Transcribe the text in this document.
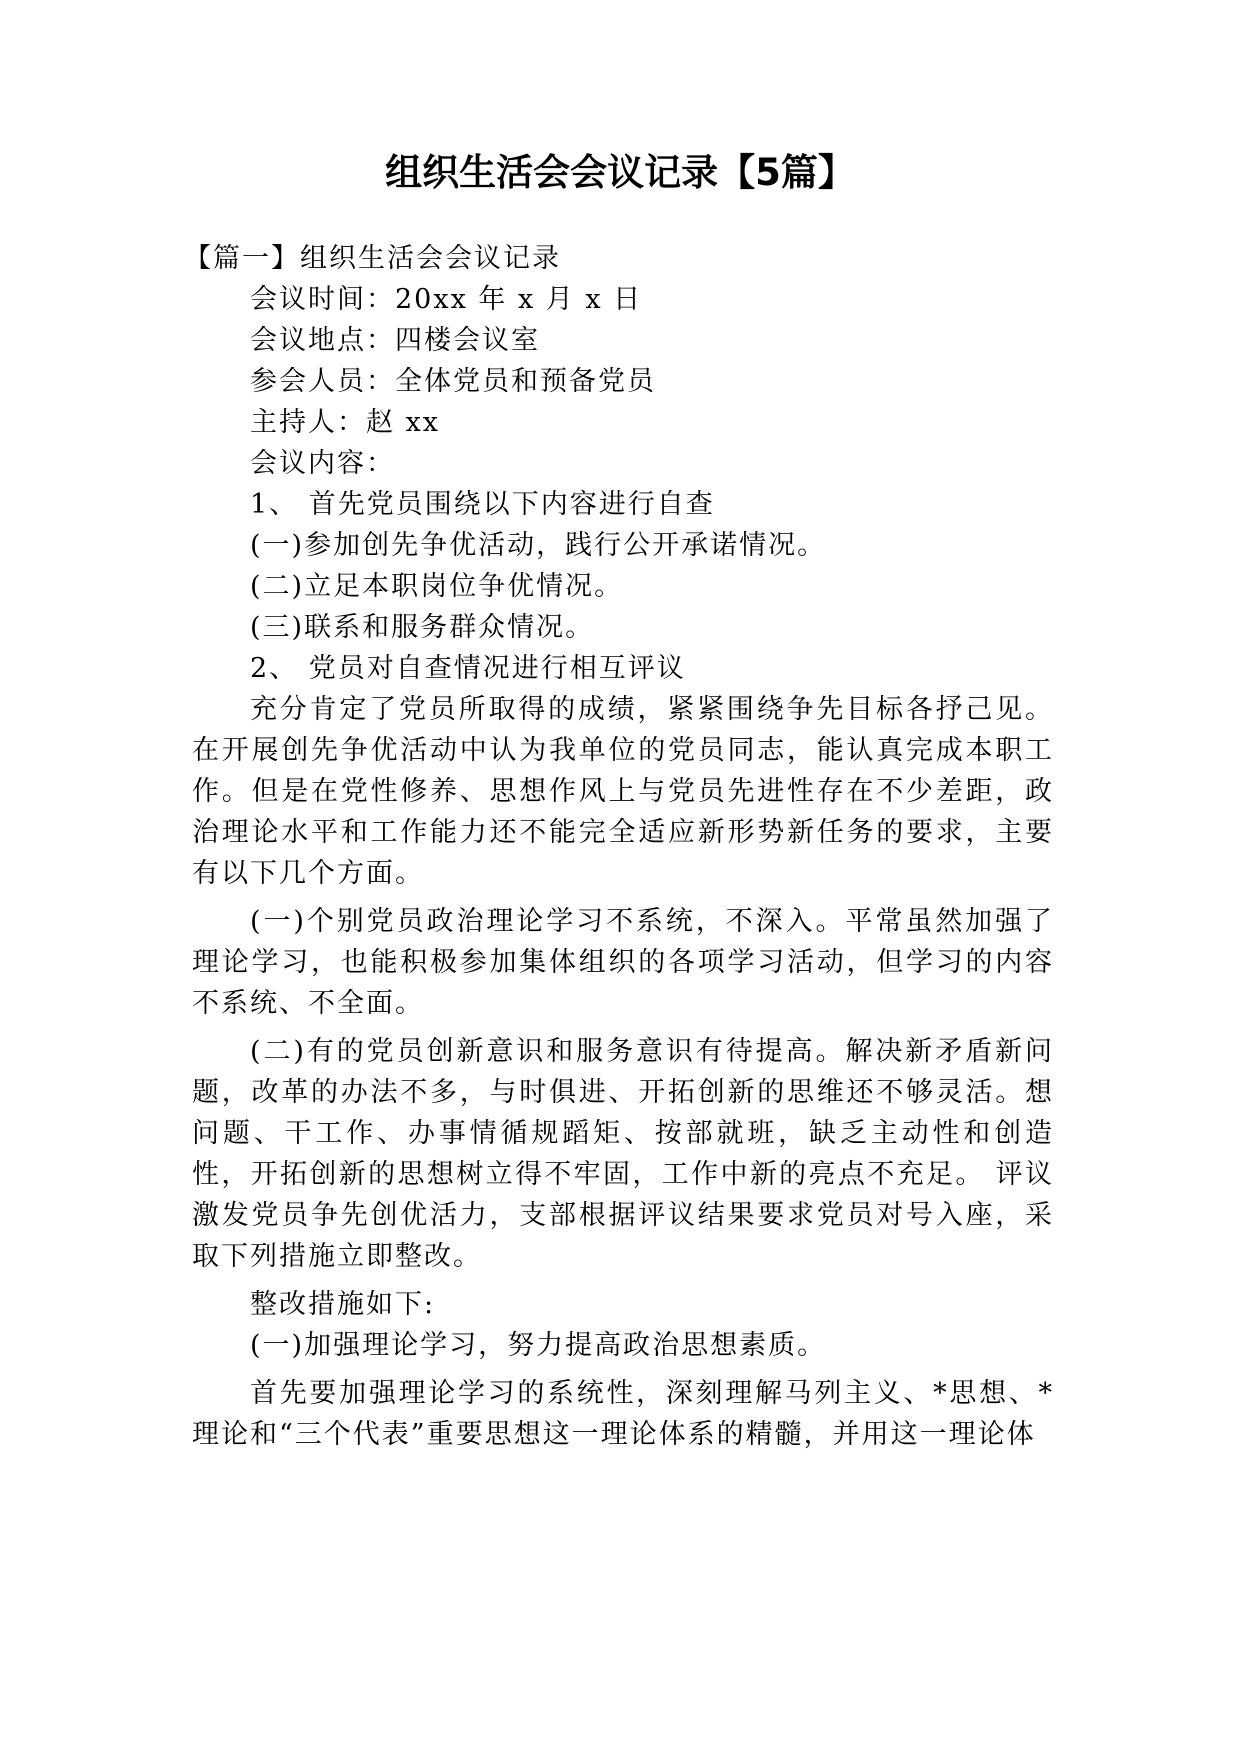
组织生活会会议记录【5篇】

【篇一】组织生活会会议记录

会议时间：20xx 年 x 月 x 日

会议地点：四楼会议室

参会人员：全体党员和预备党员

主持人：赵 xx

会议内容：

1、 首先党员围绕以下内容进行自查

(一)参加创先争优活动，践行公开承诺情况。

(二)立足本职岗位争优情况。

(三)联系和服务群众情况。

2、 党员对自查情况进行相互评议

充分肯定了党员所取得的成绩，紧紧围绕争先目标各抒己见。在开展创先争优活动中认为我单位的党员同志，能认真完成本职工作。但是在党性修养、思想作风上与党员先进性存在不少差距，政治理论水平和工作能力还不能完全适应新形势新任务的要求，主要有以下几个方面。

(一)个别党员政治理论学习不系统，不深入。平常虽然加强了理论学习，也能积极参加集体组织的各项学习活动，但学习的内容不系统、不全面。

(二)有的党员创新意识和服务意识有待提高。解决新矛盾新问题，改革的办法不多，与时俱进、开拓创新的思维还不够灵活。想问题、干工作、办事情循规蹈矩、按部就班，缺乏主动性和创造性，开拓创新的思想树立得不牢固，工作中新的亮点不充足。 评议激发党员争先创优活力，支部根据评议结果要求党员对号入座，采取下列措施立即整改。

整改措施如下:

(一)加强理论学习，努力提高政治思想素质。

首先要加强理论学习的系统性，深刻理解马列主义、*思想、*理论和“三个代表”重要思想这一理论体系的精髓，并用这一理论体
